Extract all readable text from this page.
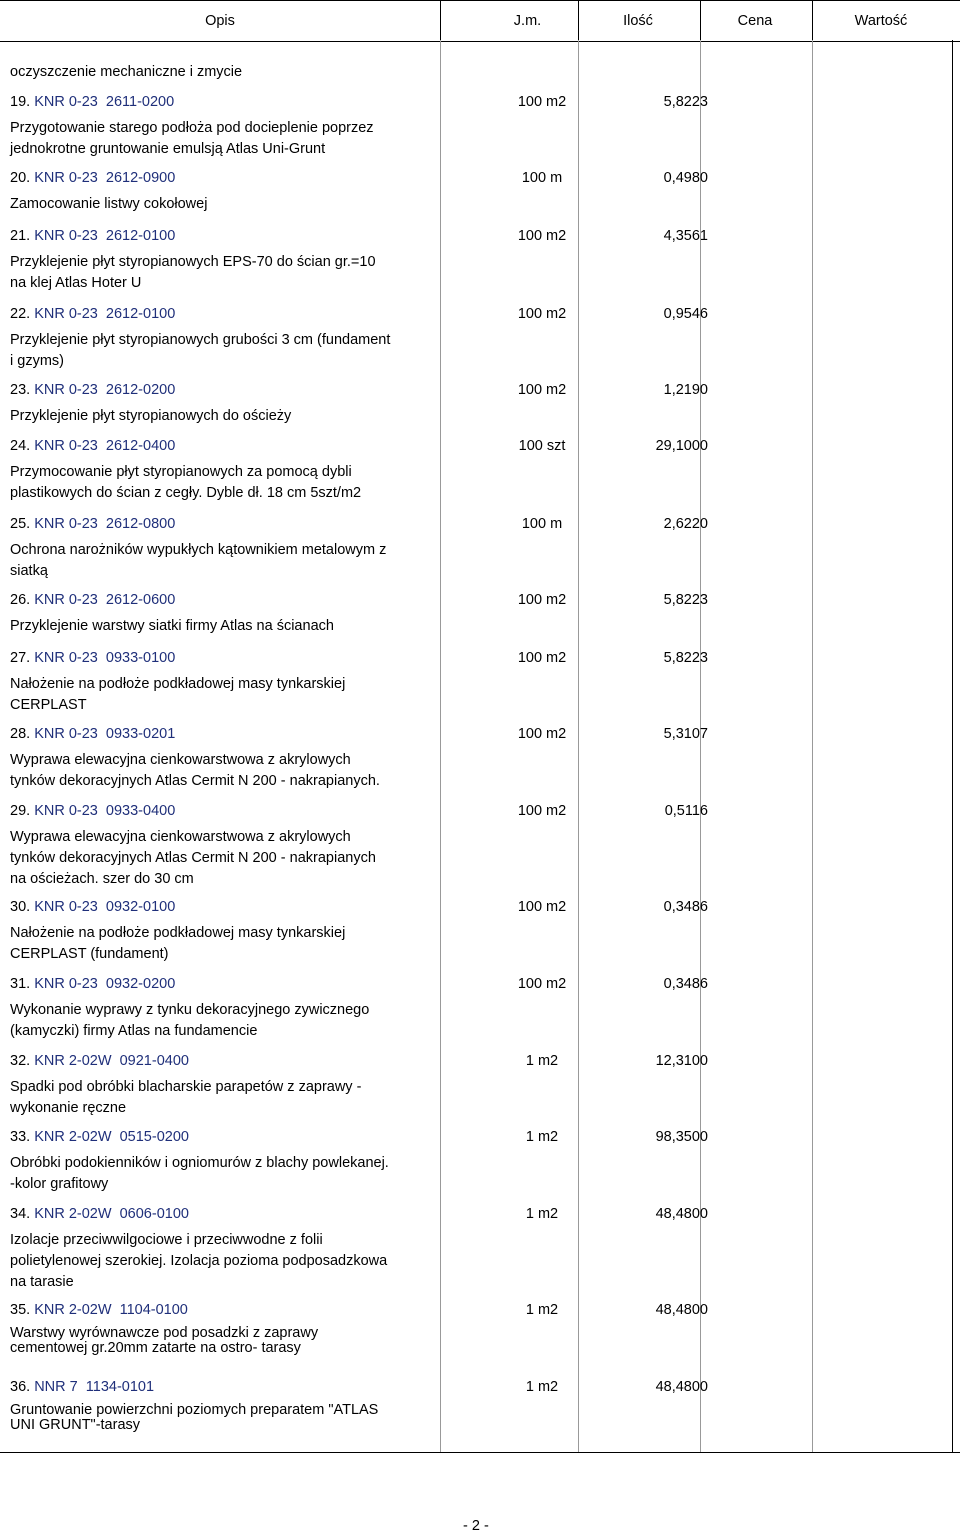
Opis	J.m.	Ilość	Cena	Wartość
oczyszczenie mechaniczne i zmycie
19. KNR 0-23  2611-0200	100 m2	5,8223
Przygotowanie starego podłoża pod docieplenie poprzez
jednokrotne gruntowanie emulsją Atlas Uni-Grunt
20. KNR 0-23  2612-0900	100 m	0,4980
Zamocowanie listwy cokołowej
21. KNR 0-23  2612-0100	100 m2	4,3561
Przyklejenie płyt styropianowych EPS-70 do ścian gr.=10
na klej Atlas Hoter U
22. KNR 0-23  2612-0100	100 m2	0,9546
Przyklejenie płyt styropianowych grubości 3 cm (fundament
i gzyms)
23. KNR 0-23  2612-0200	100 m2	1,2190
Przyklejenie płyt styropianowych do ościeży
24. KNR 0-23  2612-0400	100 szt	29,1000
Przymocowanie płyt styropianowych za pomocą dybli
plastikowych do ścian z cegły. Dyble dł. 18 cm 5szt/m2
25. KNR 0-23  2612-0800	100 m	2,6220
Ochrona narożników wypukłych kątownikiem metalowym z
siatką
26. KNR 0-23  2612-0600	100 m2	5,8223
Przyklejenie warstwy siatki firmy Atlas na ścianach
27. KNR 0-23  0933-0100	100 m2	5,8223
Nałożenie na podłoże podkładowej masy tynkarskiej
CERPLAST
28. KNR 0-23  0933-0201	100 m2	5,3107
Wyprawa elewacyjna cienkowarstwowa z akrylowych
tynków dekoracyjnych Atlas Cermit N 200 - nakrapianych.
29. KNR 0-23  0933-0400	100 m2	0,5116
Wyprawa elewacyjna cienkowarstwowa z akrylowych
tynków dekoracyjnych Atlas Cermit N 200 - nakrapianych
na ościeżach. szer do 30 cm
30. KNR 0-23  0932-0100	100 m2	0,3486
Nałożenie na podłoże podkładowej masy tynkarskiej
CERPLAST (fundament)
31. KNR 0-23  0932-0200	100 m2	0,3486
Wykonanie wyprawy z tynku dekoracyjnego zywicznego
(kamyczki) firmy Atlas na fundamencie
32. KNR 2-02W  0921-0400	1 m2	12,3100
Spadki pod obróbki blacharskie parapetów z zaprawy -
wykonanie ręczne
33. KNR 2-02W  0515-0200	1 m2	98,3500
Obróbki podokienników i ogniomurów z blachy powlekanej.
-kolor grafitowy
34. KNR 2-02W  0606-0100	1 m2	48,4800
Izolacje przeciwwilgociowe i przeciwwodne z folii
polietylenowej szerokiej. Izolacja pozioma podposadzkowa
na tarasie
35. KNR 2-02W  1104-0100	1 m2	48,4800
Warstwy wyrównawcze pod posadzki z zaprawy
cementowej gr.20mm zatarte na ostro- tarasy
36. NNR 7  1134-0101	1 m2	48,4800
Gruntowanie powierzchni poziomych preparatem "ATLAS
UNI GRUNT"-tarasy
- 2 -
